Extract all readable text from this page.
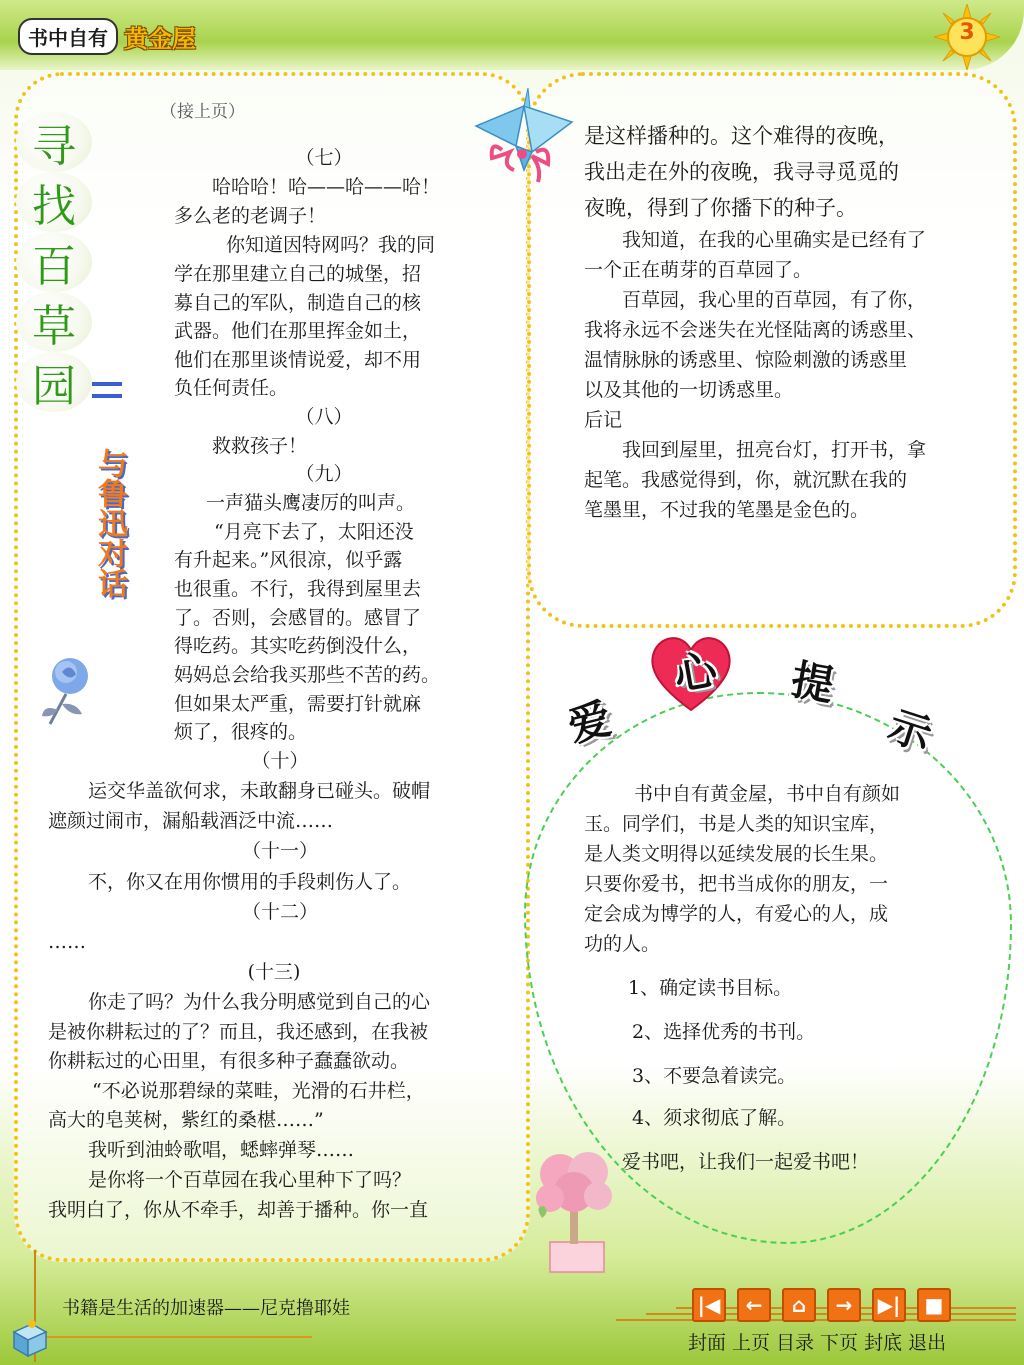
书中自有 黄金屋	3
寻
找
百
草
园
与鲁迅对话
（接上页）
（七）
哈哈哈！哈——哈——哈！
多么老的老调子！
你知道因特网吗？我的同
学在那里建立自己的城堡，招
募自己的军队，制造自己的核
武器。他们在那里挥金如土，
他们在那里谈情说爱，却不用
负任何责任。
（八）
救救孩子！
（九）
一声猫头鹰凄厉的叫声。
“月亮下去了，太阳还没
有升起来。”风很凉，似乎露
也很重。不行，我得到屋里去
了。否则，会感冒的。感冒了
得吃药。其实吃药倒没什么，
妈妈总会给我买那些不苦的药。
但如果太严重，需要打针就麻
烦了，很疼的。
（十）
运交华盖欲何求，未敢翻身已碰头。破帽
遮颜过闹市，漏船载酒泛中流……
（十一）
不，你又在用你惯用的手段刺伤人了。
（十二）
……
(十三)
你走了吗？为什么我分明感觉到自己的心
是被你耕耘过的了？而且，我还感到，在我被
你耕耘过的心田里，有很多种子蠢蠢欲动。
“不必说那碧绿的菜畦，光滑的石井栏，
高大的皂荚树，紫红的桑椹……”
我听到油蛉歌唱，蟋蟀弹琴……
是你将一个百草园在我心里种下了吗？
我明白了，你从不牵手，却善于播种。你一直
是这样播种的。这个难得的夜晚，
我出走在外的夜晚，我寻寻觅觅的
夜晚，得到了你播下的种子。
我知道，在我的心里确实是已经有了
一个正在萌芽的百草园了。
百草园，我心里的百草园，有了你，
我将永远不会迷失在光怪陆离的诱惑里、
温情脉脉的诱惑里、惊险刺激的诱惑里
以及其他的一切诱惑里。
后记
我回到屋里，扭亮台灯，打开书，拿
起笔。我感觉得到，你，就沉默在我的
笔墨里，不过我的笔墨是金色的。
爱
心 提
示
书中自有黄金屋，书中自有颜如
玉。同学们，书是人类的知识宝库，
是人类文明得以延续发展的长生果。
只要你爱书，把书当成你的朋友，一
定会成为博学的人，有爱心的人，成
功的人。
1、确定读书目标。
2、选择优秀的书刊。
3、不要急着读完。
4、须求彻底了解。
爱书吧，让我们一起爱书吧！
书籍是生活的加速器——尼克撸耶娃	|◀	←	⌂	→	▶|	■
封面 上页 目录 下页 封底 退出
